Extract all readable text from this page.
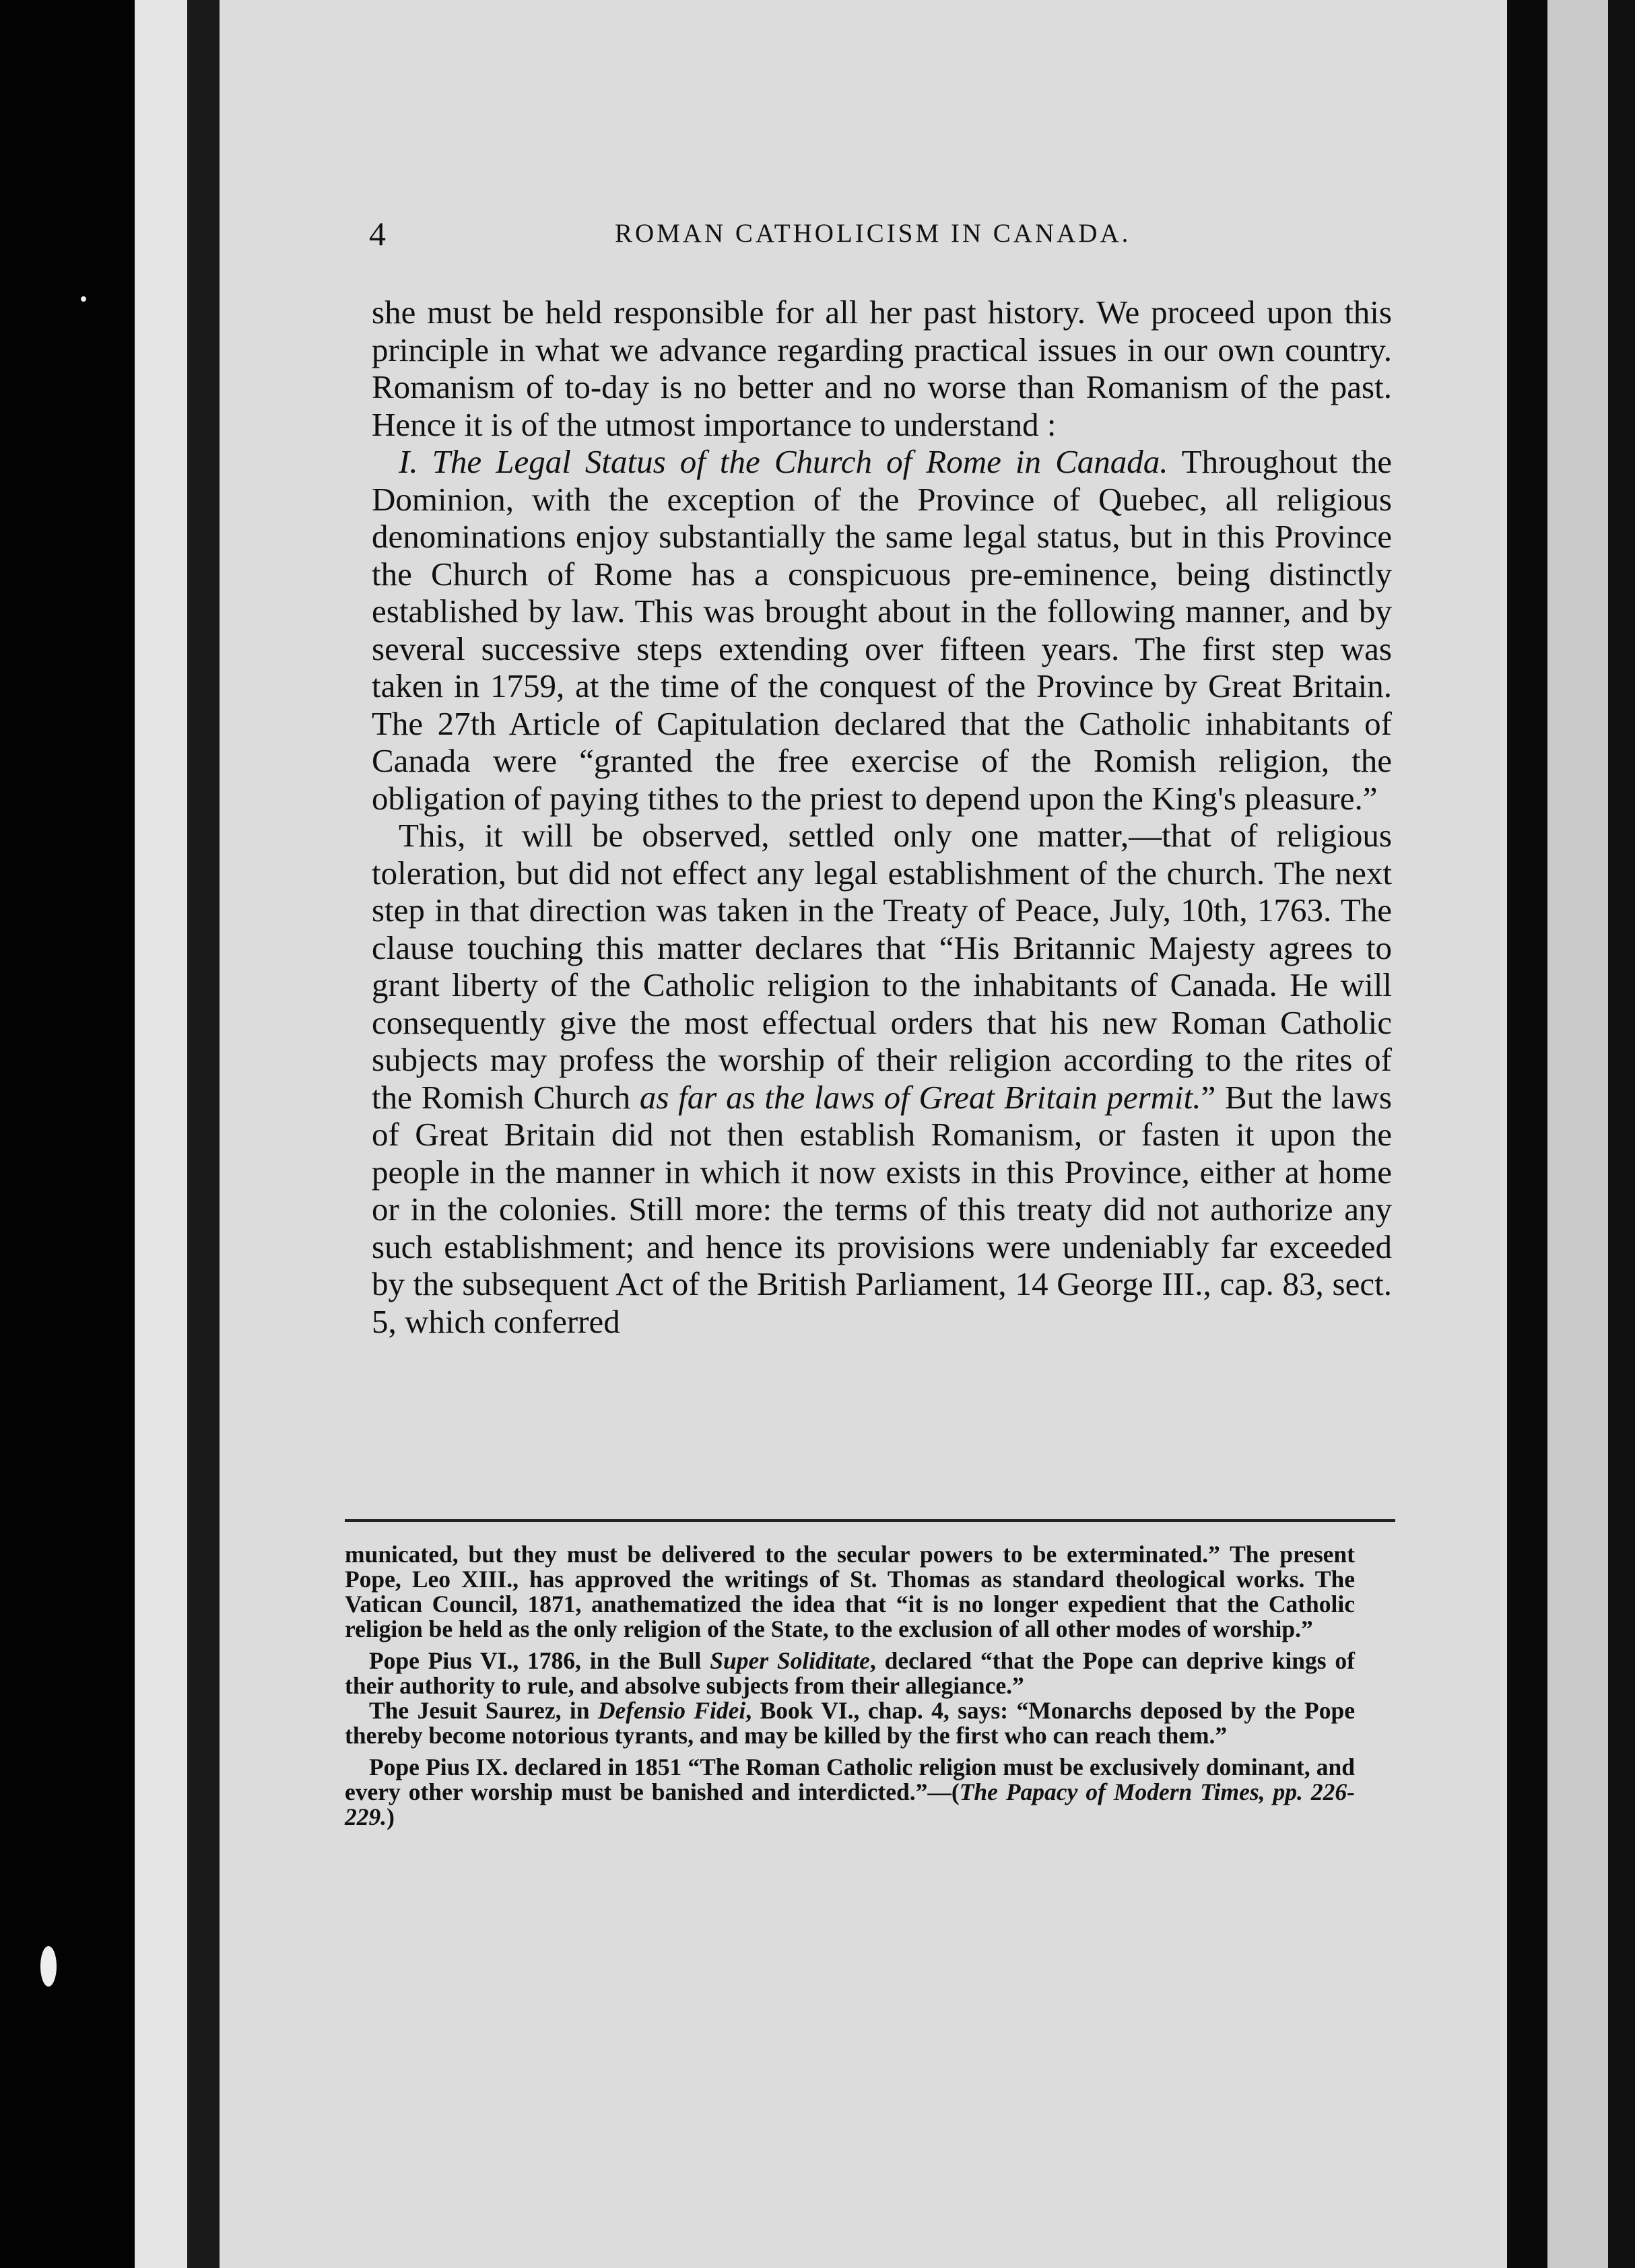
4	ROMAN CATHOLICISM IN CANADA.

she must be held responsible for all her past history. We proceed upon this principle in what we advance regarding practical issues in our own country. Romanism of to-day is no better and no worse than Romanism of the past. Hence it is of the utmost importance to understand :

I. The Legal Status of the Church of Rome in Canada. Throughout the Dominion, with the exception of the Province of Quebec, all religious denominations enjoy substantially the same legal status, but in this Province the Church of Rome has a conspicuous pre-eminence, being distinctly established by law. This was brought about in the following manner, and by several successive steps extending over fifteen years. The first step was taken in 1759, at the time of the conquest of the Province by Great Britain. The 27th Article of Capitulation declared that the Catholic inhabitants of Canada were “granted the free exercise of the Romish religion, the obligation of paying tithes to the priest to depend upon the King's pleasure.”

This, it will be observed, settled only one matter,—that of religious toleration, but did not effect any legal establishment of the church. The next step in that direction was taken in the Treaty of Peace, July, 10th, 1763. The clause touching this matter declares that “His Britannic Majesty agrees to grant liberty of the Catholic religion to the inhabitants of Canada. He will consequently give the most effectual orders that his new Roman Catholic subjects may profess the worship of their religion according to the rites of the Romish Church as far as the laws of Great Britain permit.” But the laws of Great Britain did not then establish Romanism, or fasten it upon the people in the manner in which it now exists in this Province, either at home or in the colonies. Still more: the terms of this treaty did not authorize any such establishment; and hence its provisions were undeniably far exceeded by the subsequent Act of the British Parliament, 14 George III., cap. 83, sect. 5, which conferred

municated, but they must be delivered to the secular powers to be exterminated.” The present Pope, Leo XIII., has approved the writings of St. Thomas as standard theological works. The Vatican Council, 1871, anathematized the idea that “it is no longer expedient that the Catholic religion be held as the only religion of the State, to the exclusion of all other modes of worship.”

Pope Pius VI., 1786, in the Bull Super Soliditate, declared “that the Pope can deprive kings of their authority to rule, and absolve subjects from their allegiance.”

The Jesuit Saurez, in Defensio Fidei, Book VI., chap. 4, says: “Monarchs deposed by the Pope thereby become notorious tyrants, and may be killed by the first who can reach them.”

Pope Pius IX. declared in 1851 “The Roman Catholic religion must be exclusively dominant, and every other worship must be banished and interdicted.”—(The Papacy of Modern Times, pp. 226-229.)
